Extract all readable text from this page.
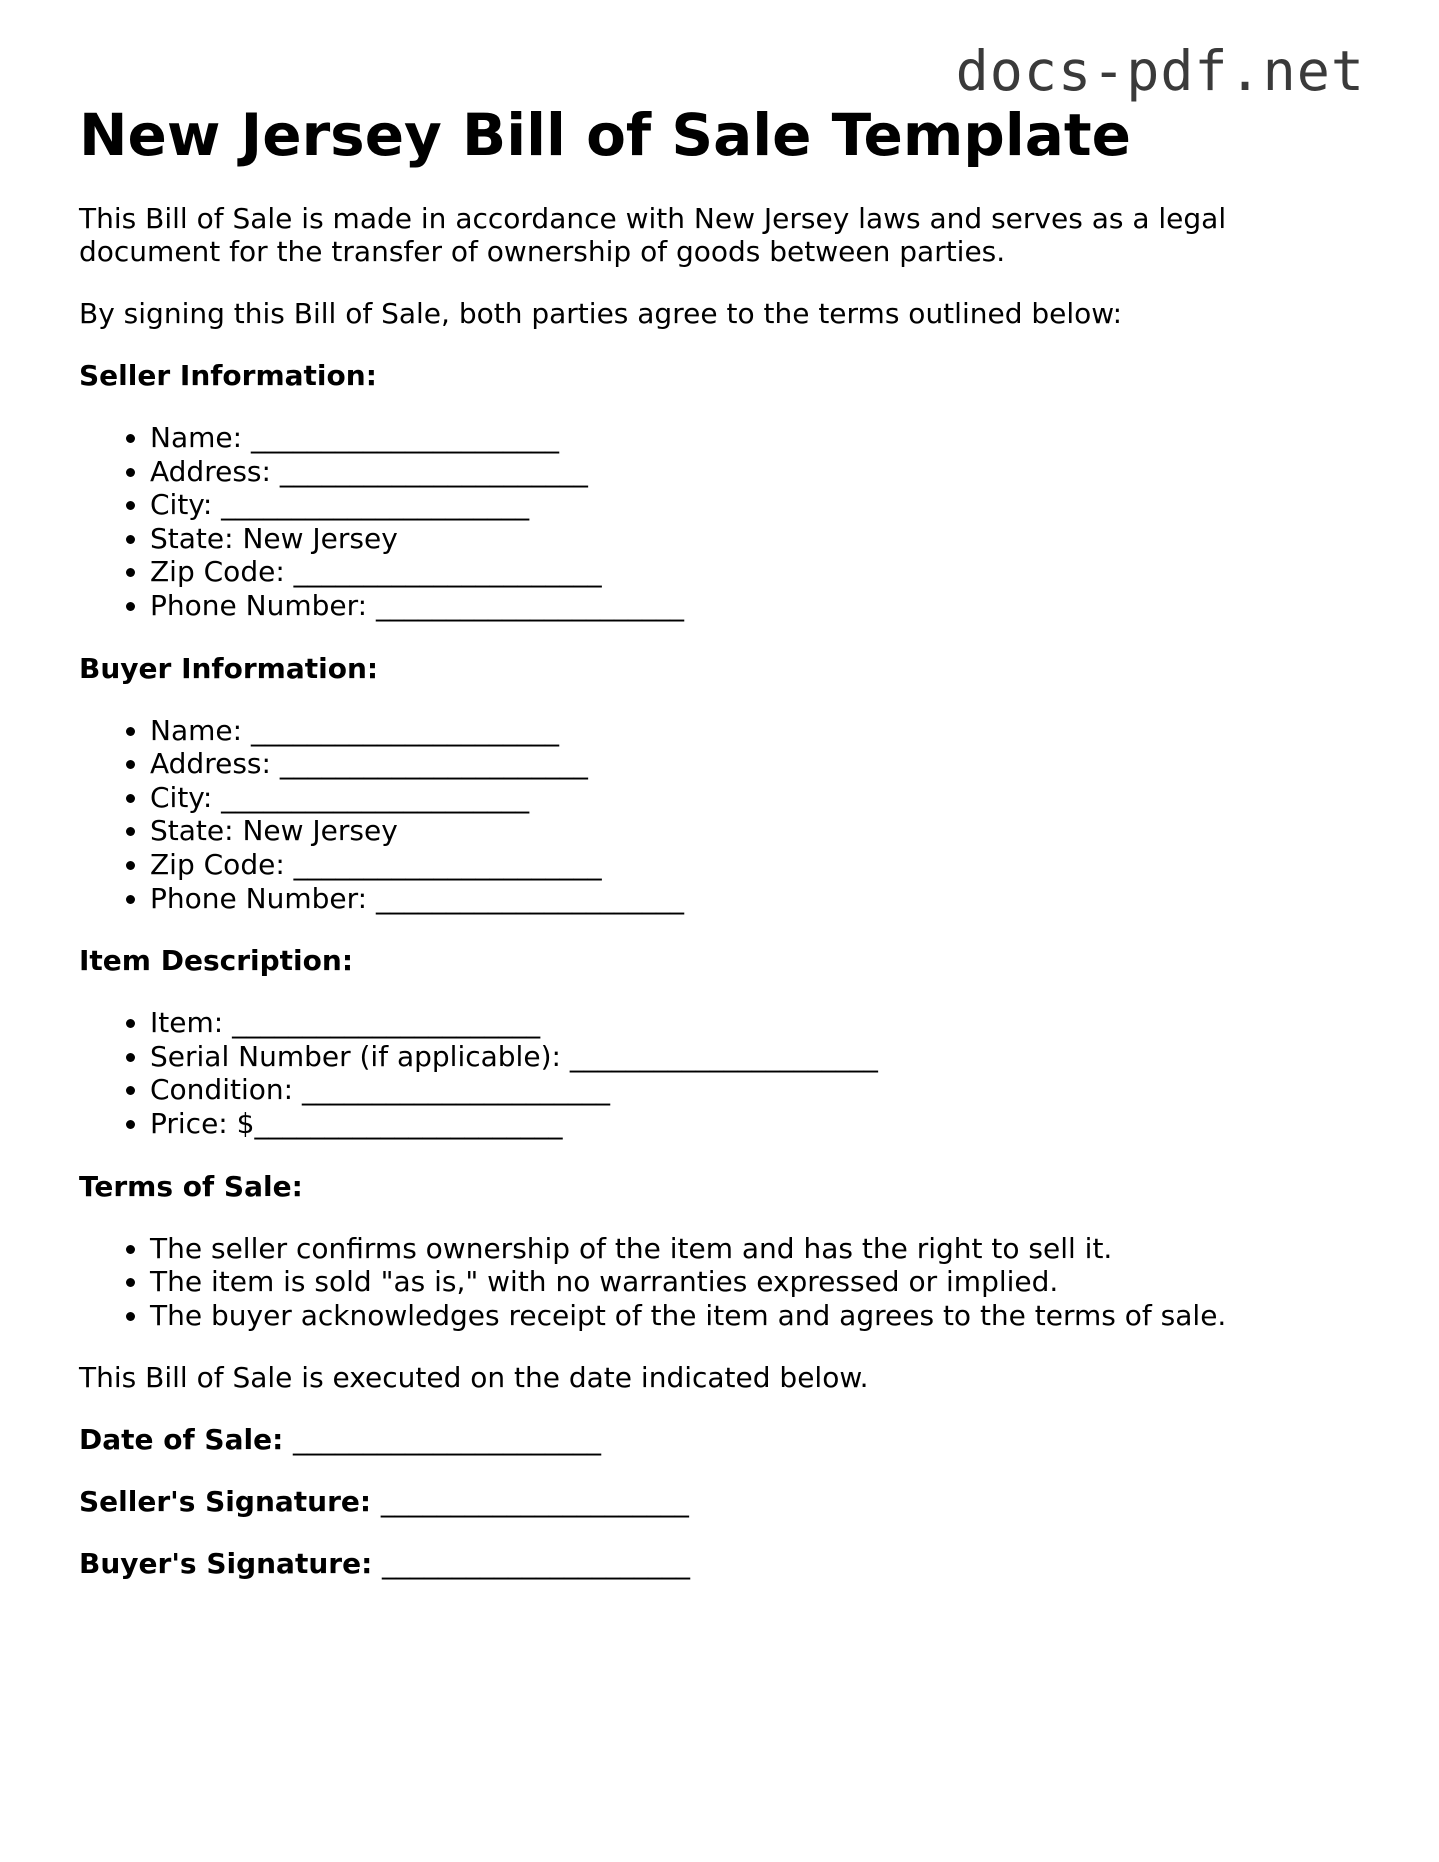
docs-pdf.net
New Jersey Bill of Sale Template

This Bill of Sale is made in accordance with New Jersey laws and serves as a legal document for the transfer of ownership of goods between parties.

By signing this Bill of Sale, both parties agree to the terms outlined below:

Seller Information:

• Name: ______________________
• Address: ______________________
• City: ______________________
• State: New Jersey
• Zip Code: ______________________
• Phone Number: ______________________

Buyer Information:

• Name: ______________________
• Address: ______________________
• City: ______________________
• State: New Jersey
• Zip Code: ______________________
• Phone Number: ______________________

Item Description:

• Item: ______________________
• Serial Number (if applicable): ______________________
• Condition: ______________________
• Price: $______________________

Terms of Sale:

• The seller confirms ownership of the item and has the right to sell it.
• The item is sold "as is," with no warranties expressed or implied.
• The buyer acknowledges receipt of the item and agrees to the terms of sale.

This Bill of Sale is executed on the date indicated below.

Date of Sale: ______________________

Seller's Signature: ______________________

Buyer's Signature: ______________________
